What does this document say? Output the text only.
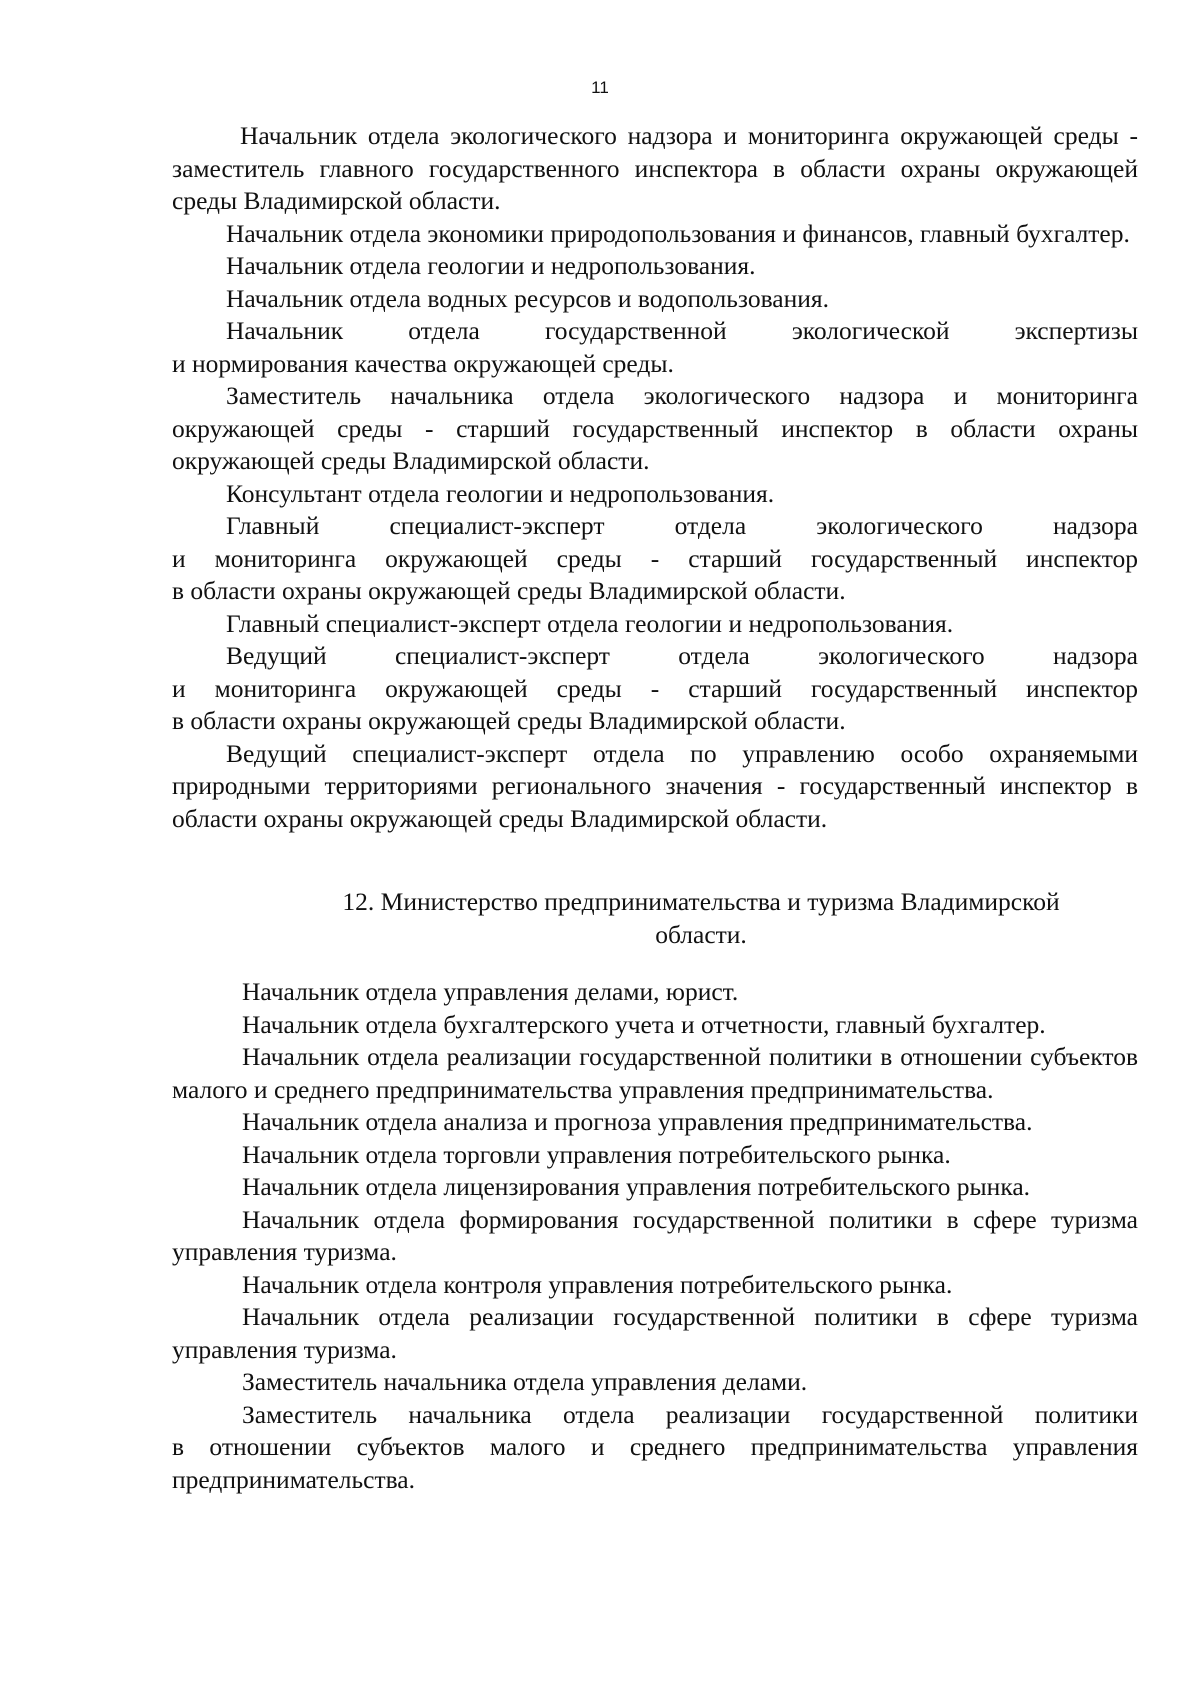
11

Начальник отдела экологического надзора и мониторинга окружающей среды - заместитель главного государственного инспектора в области охраны окружающей среды Владимирской области.

Начальник отдела экономики природопользования и финансов, главный бухгалтер.

Начальник отдела геологии и недропользования.

Начальник отдела водных ресурсов и водопользования.

Начальник отдела государственной экологической экспертизы

и нормирования качества окружающей среды.

Заместитель начальника отдела экологического надзора и мониторинга окружающей среды - старший государственный инспектор в области охраны окружающей среды Владимирской области.

Консультант отдела геологии и недропользования.

Главный специалист-эксперт отдела экологического надзора

и мониторинга окружающей среды - старший государственный инспектор

в области охраны окружающей среды Владимирской области.

Главный специалист-эксперт отдела геологии и недропользования.

Ведущий специалист-эксперт отдела экологического надзора

и мониторинга окружающей среды - старший государственный инспектор

в области охраны окружающей среды Владимирской области.

Ведущий специалист-эксперт отдела по управлению особо охраняемыми природными территориями регионального значения - государственный инспектор в области охраны окружающей среды Владимирской области.

12. Министерство предпринимательства и туризма Владимирской
области.

Начальник отдела управления делами, юрист.

Начальник отдела бухгалтерского учета и отчетности, главный бухгалтер.

Начальник отдела реализации государственной политики в отношении субъектов малого и среднего предпринимательства управления предпринимательства.

Начальник отдела анализа и прогноза управления предпринимательства.

Начальник отдела торговли управления потребительского рынка.

Начальник отдела лицензирования управления потребительского рынка.

Начальник отдела формирования государственной политики в сфере туризма управления туризма.

Начальник отдела контроля управления потребительского рынка.

Начальник отдела реализации государственной политики в сфере туризма управления туризма.

Заместитель начальника отдела управления делами.

Заместитель начальника отдела реализации государственной политики

в отношении субъектов малого и среднего предпринимательства управления предпринимательства.
